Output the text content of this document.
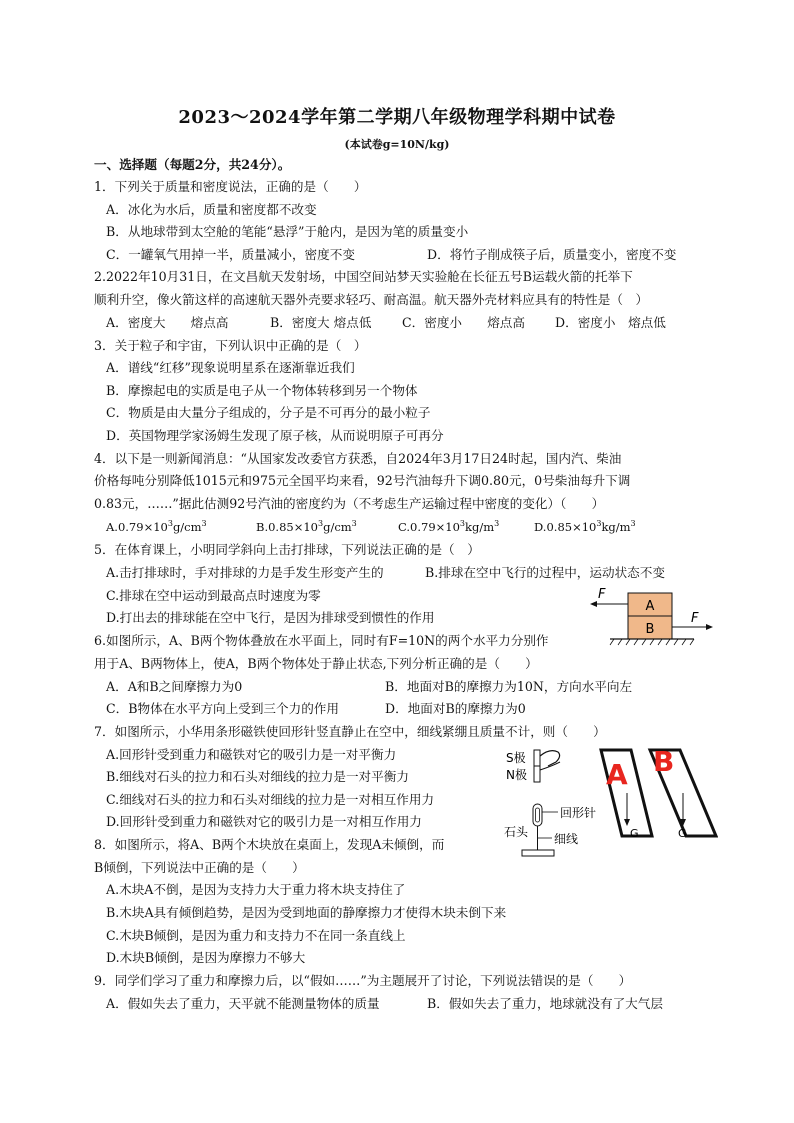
2023～2024学年第二学期八年级物理学科期中试卷
(本试卷g=10N/kg)
一、选择题（每题2分，共24分）。
1．下列关于质量和密度说法，正确的是（　　）
A．冰化为水后，质量和密度都不改变
B．从地球带到太空舱的笔能“悬浮”于舱内，是因为笔的质量变小
C．一罐氧气用掉一半，质量减小，密度不变	D．将竹子削成筷子后，质量变小，密度不变
2.2022年10月31日，在文昌航天发射场，中国空间站梦天实验舱在长征五号B运载火箭的托举下
顺利升空，像火箭这样的高速航天器外壳要求轻巧、耐高温。航天器外壳材料应具有的特性是（　）
A．密度大　　熔点高	B．密度大 熔点低 C．密度小　　熔点高 D．密度小　熔点低
3．关于粒子和宇宙，下列认识中正确的是（　）
A．谱线“红移”现象说明星系在逐渐靠近我们
B．摩擦起电的实质是电子从一个物体转移到另一个物体
C．物质是由大量分子组成的，分子是不可再分的最小粒子
D．英国物理学家汤姆生发现了原子核，从而说明原子可再分
4．以下是一则新闻消息：“从国家发改委官方获悉，自2024年3月17日24时起，国内汽、柴油
价格每吨分别降低1015元和975元全国平均来看，92号汽油每升下调0.80元，0号柴油每升下调
0.83元，……”据此估测92号汽油的密度约为（不考虑生产运输过程中密度的变化）（　　）
$A.0.79\times 10^3g/cm^3$	$B.0.85\times 10^3g/cm^3$	$C.0.79\times 10^3kg/m^3$	$D.0.85\times 10^3kg/m^3$
5．在体育课上，小明同学斜向上击打排球，下列说法正确的是（　）
A.击打排球时，手对排球的力是手发生形变产生的	B.排球在空中飞行的过程中，运动状态不变
C.排球在空中运动到最高点时速度为零
D.打出去的排球能在空中飞行，是因为排球受到惯性的作用
A
B
F
F
6.如图所示，A、B两个物体叠放在水平面上，同时有F=10N的两个水平力分别作
用于A、B两物体上，使A，B两个物体处于静止状态,下列分析正确的是（　　）
A．A和B之间摩擦力为0	B．地面对B的摩擦力为10N，方向水平向左
C．B物体在水平方向上受到三个力的作用	D．地面对B的摩擦力为0
7．如图所示，小华用条形磁铁使回形针竖直静止在空中，细线紧绷且质量不计，则（　　）
A.回形针受到重力和磁铁对它的吸引力是一对平衡力
B.细线对石头的拉力和石头对细线的拉力是一对平衡力
C.细线对石头的拉力和石头对细线的拉力是一对相互作用力
D.回形针受到重力和磁铁对它的吸引力是一对相互作用力
S极
N极
回形针
细线
石头
A B
G	G
8．如图所示，将A、B两个木块放在桌面上，发现A未倾倒，而
B倾倒，下列说法中正确的是（　　）
A.木块A不倒，是因为支持力大于重力将木块支持住了
B.木块A具有倾倒趋势，是因为受到地面的静摩擦力才使得木块未倒下来
C.木块B倾倒，是因为重力和支持力不在同一条直线上
D.木块B倾倒，是因为摩擦力不够大
9．同学们学习了重力和摩擦力后，以“假如……”为主题展开了讨论，下列说法错误的是（　　）
A．假如失去了重力，天平就不能测量物体的质量	B．假如失去了重力，地球就没有了大气层
